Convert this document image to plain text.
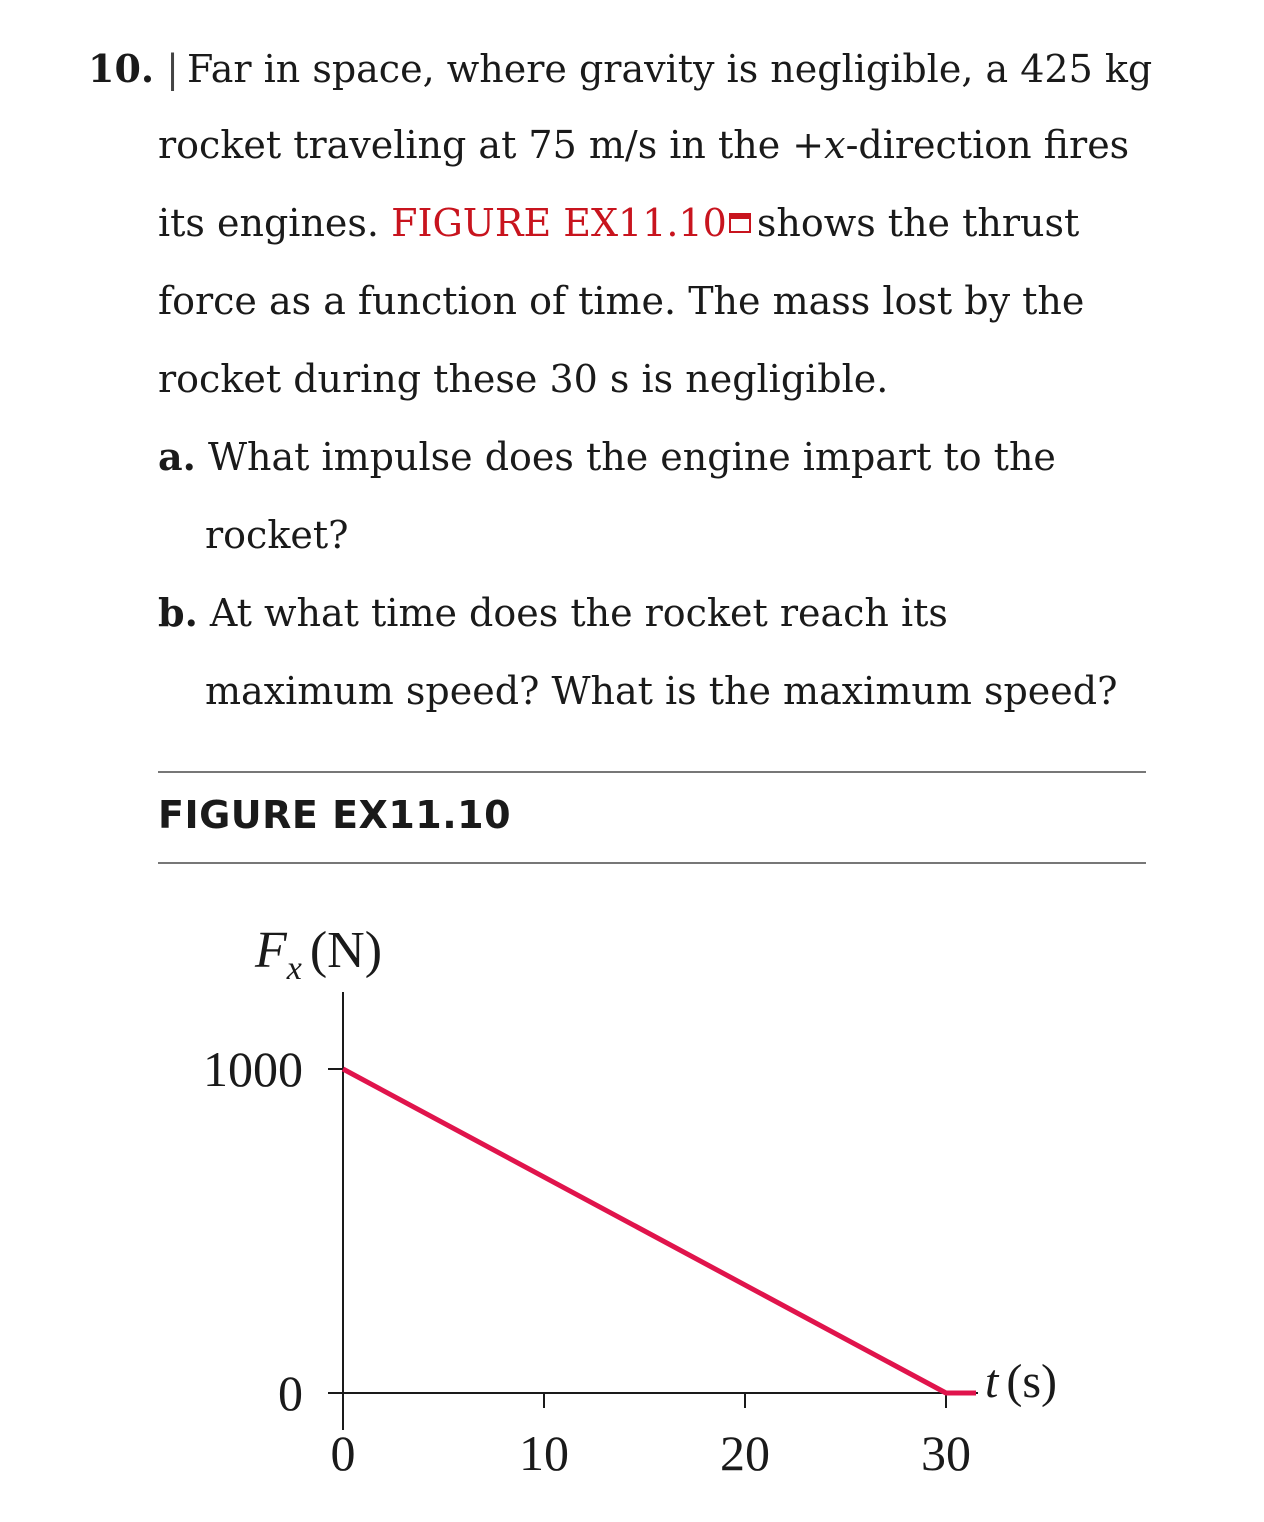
10. | Far in space, where gravity is negligible, a 425 kg
rocket traveling at 75 m/s in the +x-direction fires
its engines. FIGURE EX11.10 shows the thrust
force as a function of time. The mass lost by the
rocket during these 30 s is negligible.
a. What impulse does the engine impart to the
rocket?
b. At what time does the rocket reach its
maximum speed? What is the maximum speed?
FIGURE EX11.10
$F_x$ (N)
t (s)
0	10	20	30
0
1000
